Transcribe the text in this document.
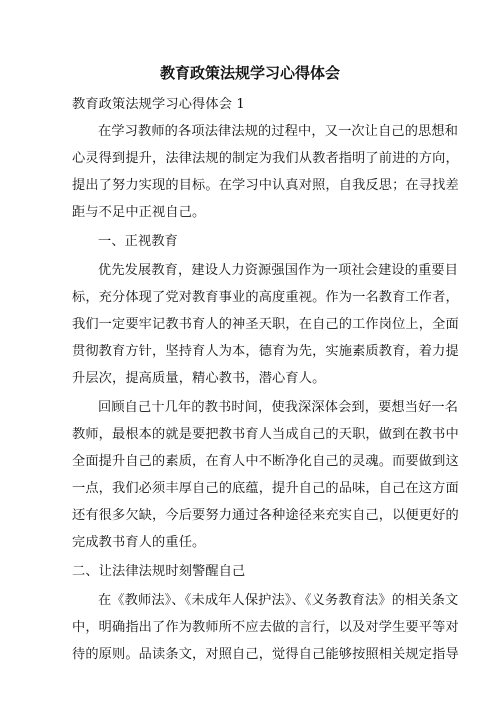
教育政策法规学习心得体会
教育政策法规学习心得体会 1
在学习教师的各项法律法规的过程中，又一次让自己的思想和
心灵得到提升，法律法规的制定为我们从教者指明了前进的方向，
提出了努力实现的目标。在学习中认真对照，自我反思；在寻找差
距与不足中正视自己。
一、正视教育
优先发展教育，建设人力资源强国作为一项社会建设的重要目
标，充分体现了党对教育事业的高度重视。作为一名教育工作者，
我们一定要牢记教书育人的神圣天职，在自己的工作岗位上，全面
贯彻教育方针，坚持育人为本，德育为先，实施素质教育，着力提
升层次，提高质量，精心教书，潜心育人。
回顾自己十几年的教书时间，使我深深体会到，要想当好一名
教师，最根本的就是要把教书育人当成自己的天职，做到在教书中
全面提升自己的素质，在育人中不断净化自己的灵魂。而要做到这
一点，我们必须丰厚自己的底蕴，提升自己的品味，自己在这方面
还有很多欠缺，今后要努力通过各种途径来充实自己，以便更好的
完成教书育人的重任。
二、让法律法规时刻警醒自己
在《教师法》、《未成年人保护法》、《义务教育法》的相关条文
中，明确指出了作为教师所不应去做的言行，以及对学生要平等对
待的原则。品读条文，对照自己，觉得自己能够按照相关规定指导
